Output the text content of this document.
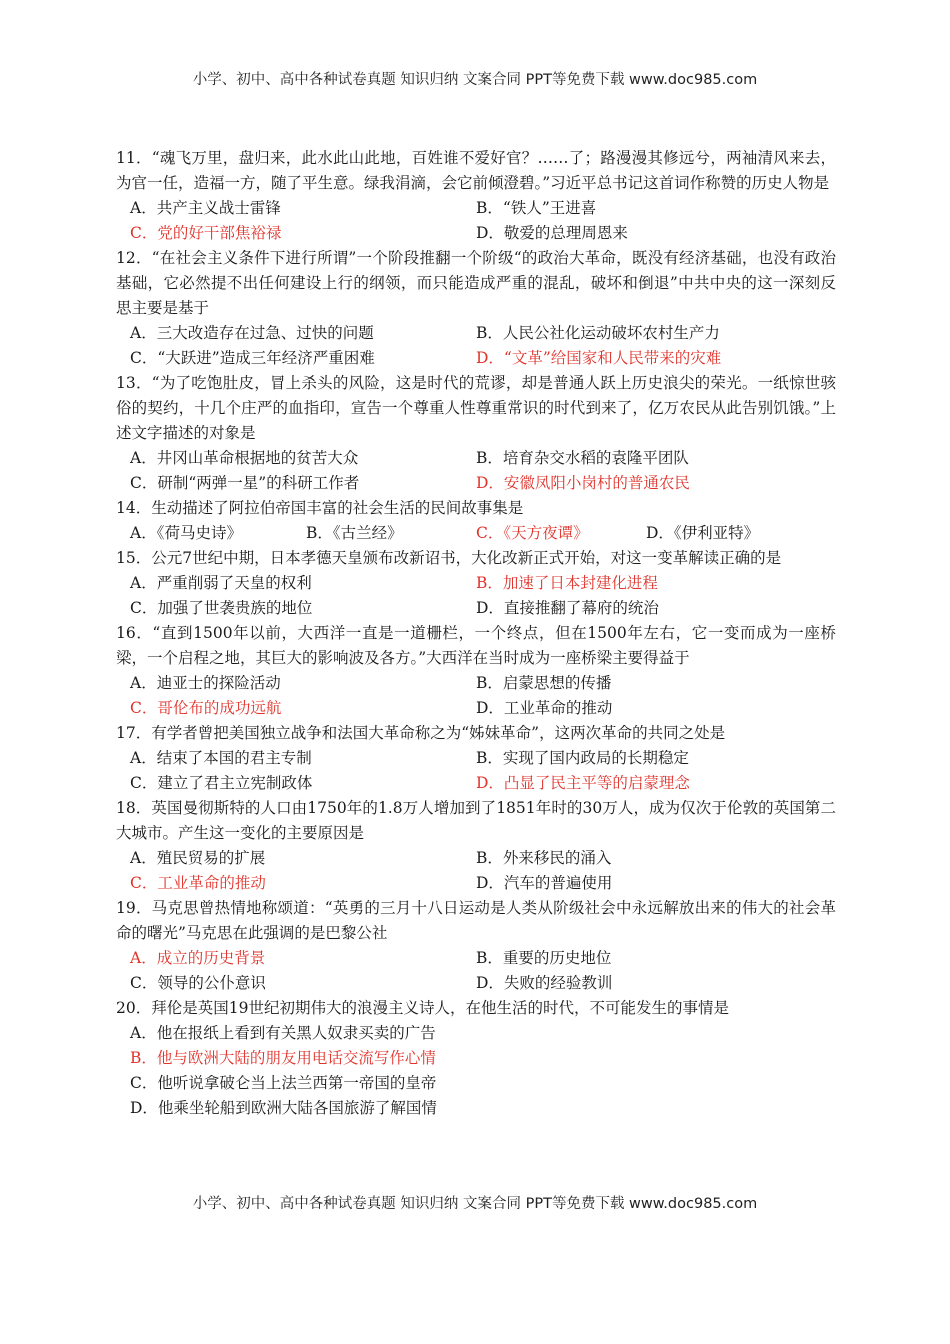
小学、初中、高中各种试卷真题 知识归纳 文案合同 PPT等免费下载 www.doc985.com
11．“魂飞万里，盘归来，此水此山此地，百姓谁不爱好官？……了；路漫漫其修远兮，两袖清风来去，为官一任，造福一方，随了平生意。绿我涓滴，会它前倾澄碧。”习近平总书记这首词作称赞的历史人物是
A．共产主义战士雷锋	B．“铁人”王进喜
C．党的好干部焦裕禄	D．敬爱的总理周恩来
12．“在社会主义条件下进行所谓”一个阶段推翻一个阶级“的政治大革命，既没有经济基础，也没有政治基础，它必然提不出任何建设上行的纲领，而只能造成严重的混乱，破坏和倒退”中共中央的这一深刻反思主要是基于
A．三大改造存在过急、过快的问题	B．人民公社化运动破坏农村生产力
C．“大跃进”造成三年经济严重困难	D．“文革”给国家和人民带来的灾难
13．“为了吃饱肚皮，冒上杀头的风险，这是时代的荒谬，却是普通人跃上历史浪尖的荣光。一纸惊世骇俗的契约，十几个庄严的血指印，宣告一个尊重人性尊重常识的时代到来了，亿万农民从此告别饥饿。”上述文字描述的对象是
A．井冈山革命根据地的贫苦大众	B．培育杂交水稻的袁隆平团队
C．研制“两弹一星”的科研工作者	D．安徽凤阳小岗村的普通农民
14．生动描述了阿拉伯帝国丰富的社会生活的民间故事集是
A．《荷马史诗》	B．《古兰经》	C．《天方夜谭》	D．《伊利亚特》
15．公元7世纪中期，日本孝德天皇颁布改新诏书，大化改新正式开始，对这一变革解读正确的是
A．严重削弱了天皇的权利	B．加速了日本封建化进程
C．加强了世袭贵族的地位	D．直接推翻了幕府的统治
16．“直到1500年以前，大西洋一直是一道栅栏，一个终点，但在1500年左右，它一变而成为一座桥梁，一个启程之地，其巨大的影响波及各方。”大西洋在当时成为一座桥梁主要得益于
A．迪亚士的探险活动	B．启蒙思想的传播
C．哥伦布的成功远航	D．工业革命的推动
17．有学者曾把美国独立战争和法国大革命称之为“姊妹革命”，这两次革命的共同之处是
A．结束了本国的君主专制	B．实现了国内政局的长期稳定
C．建立了君主立宪制政体	D．凸显了民主平等的启蒙理念
18．英国曼彻斯特的人口由1750年的1.8万人增加到了1851年时的30万人，成为仅次于伦敦的英国第二大城市。产生这一变化的主要原因是
A．殖民贸易的扩展	B．外来移民的涌入
C．工业革命的推动	D．汽车的普遍使用
19．马克思曾热情地称颂道：“英勇的三月十八日运动是人类从阶级社会中永远解放出来的伟大的社会革命的曙光”马克思在此强调的是巴黎公社
A．成立的历史背景	B．重要的历史地位
C．领导的公仆意识	D．失败的经验教训
20．拜伦是英国19世纪初期伟大的浪漫主义诗人，在他生活的时代，不可能发生的事情是
A．他在报纸上看到有关黑人奴隶买卖的广告
B．他与欧洲大陆的朋友用电话交流写作心情
C．他听说拿破仑当上法兰西第一帝国的皇帝
D．他乘坐轮船到欧洲大陆各国旅游了解国情
小学、初中、高中各种试卷真题 知识归纳 文案合同 PPT等免费下载 www.doc985.com
